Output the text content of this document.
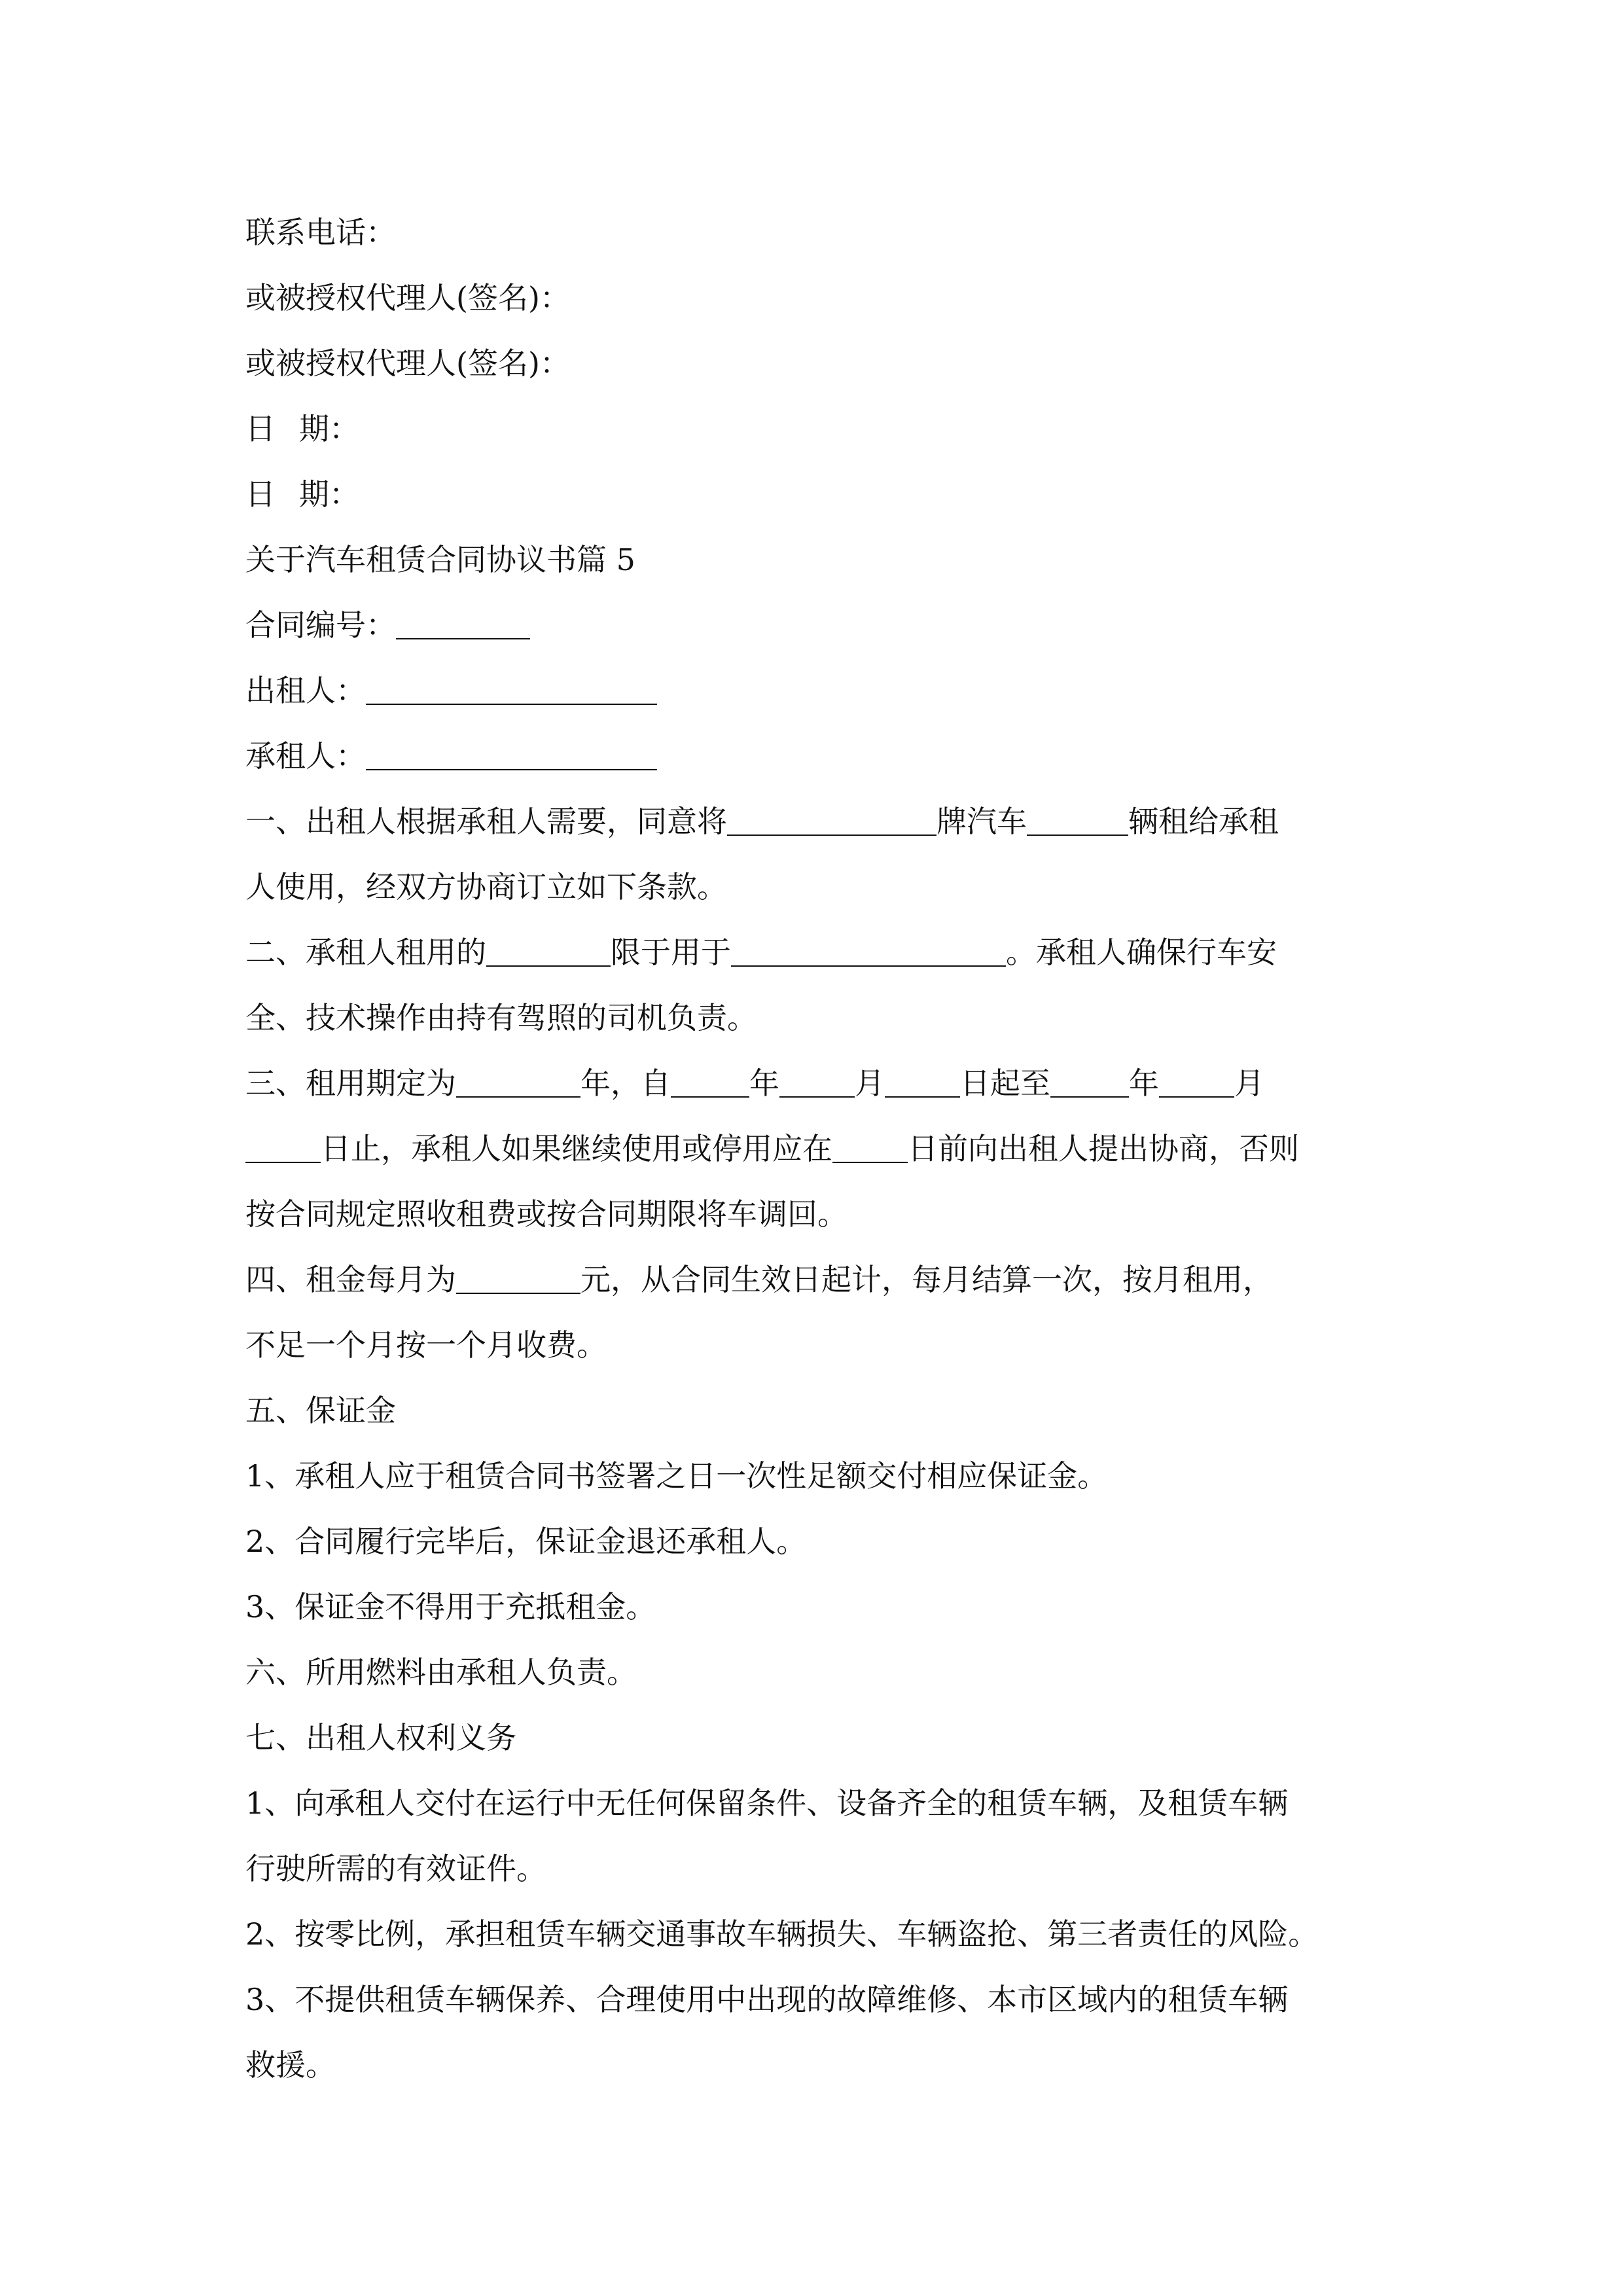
联系电话：
或被授权代理人(签名)：
或被授权代理人(签名)：
日期：
日期：
关于汽车租赁合同协议书篇 5
合同编号：
出租人：
承租人：
一、出租人根据承租人需要，同意将	牌汽车	辆租给承租
人使用，经双方协商订立如下条款。
二、承租人租用的	限于用于	。承租人确保行车安
全、技术操作由持有驾照的司机负责。
三、租用期定为	年，自	年	月	日起至	年	月
日止，承租人如果继续使用或停用应在	日前向出租人提出协商，否则
按合同规定照收租费或按合同期限将车调回。
四、租金每月为	元，从合同生效日起计，每月结算一次，按月租用，
不足一个月按一个月收费。
五、保证金
1、承租人应于租赁合同书签署之日一次性足额交付相应保证金。
2、合同履行完毕后，保证金退还承租人。
3、保证金不得用于充抵租金。
六、所用燃料由承租人负责。
七、出租人权利义务
1、向承租人交付在运行中无任何保留条件、设备齐全的租赁车辆，及租赁车辆
行驶所需的有效证件。
2、按零比例，承担租赁车辆交通事故车辆损失、车辆盗抢、第三者责任的风险。
3、不提供租赁车辆保养、合理使用中出现的故障维修、本市区域内的租赁车辆
救援。
